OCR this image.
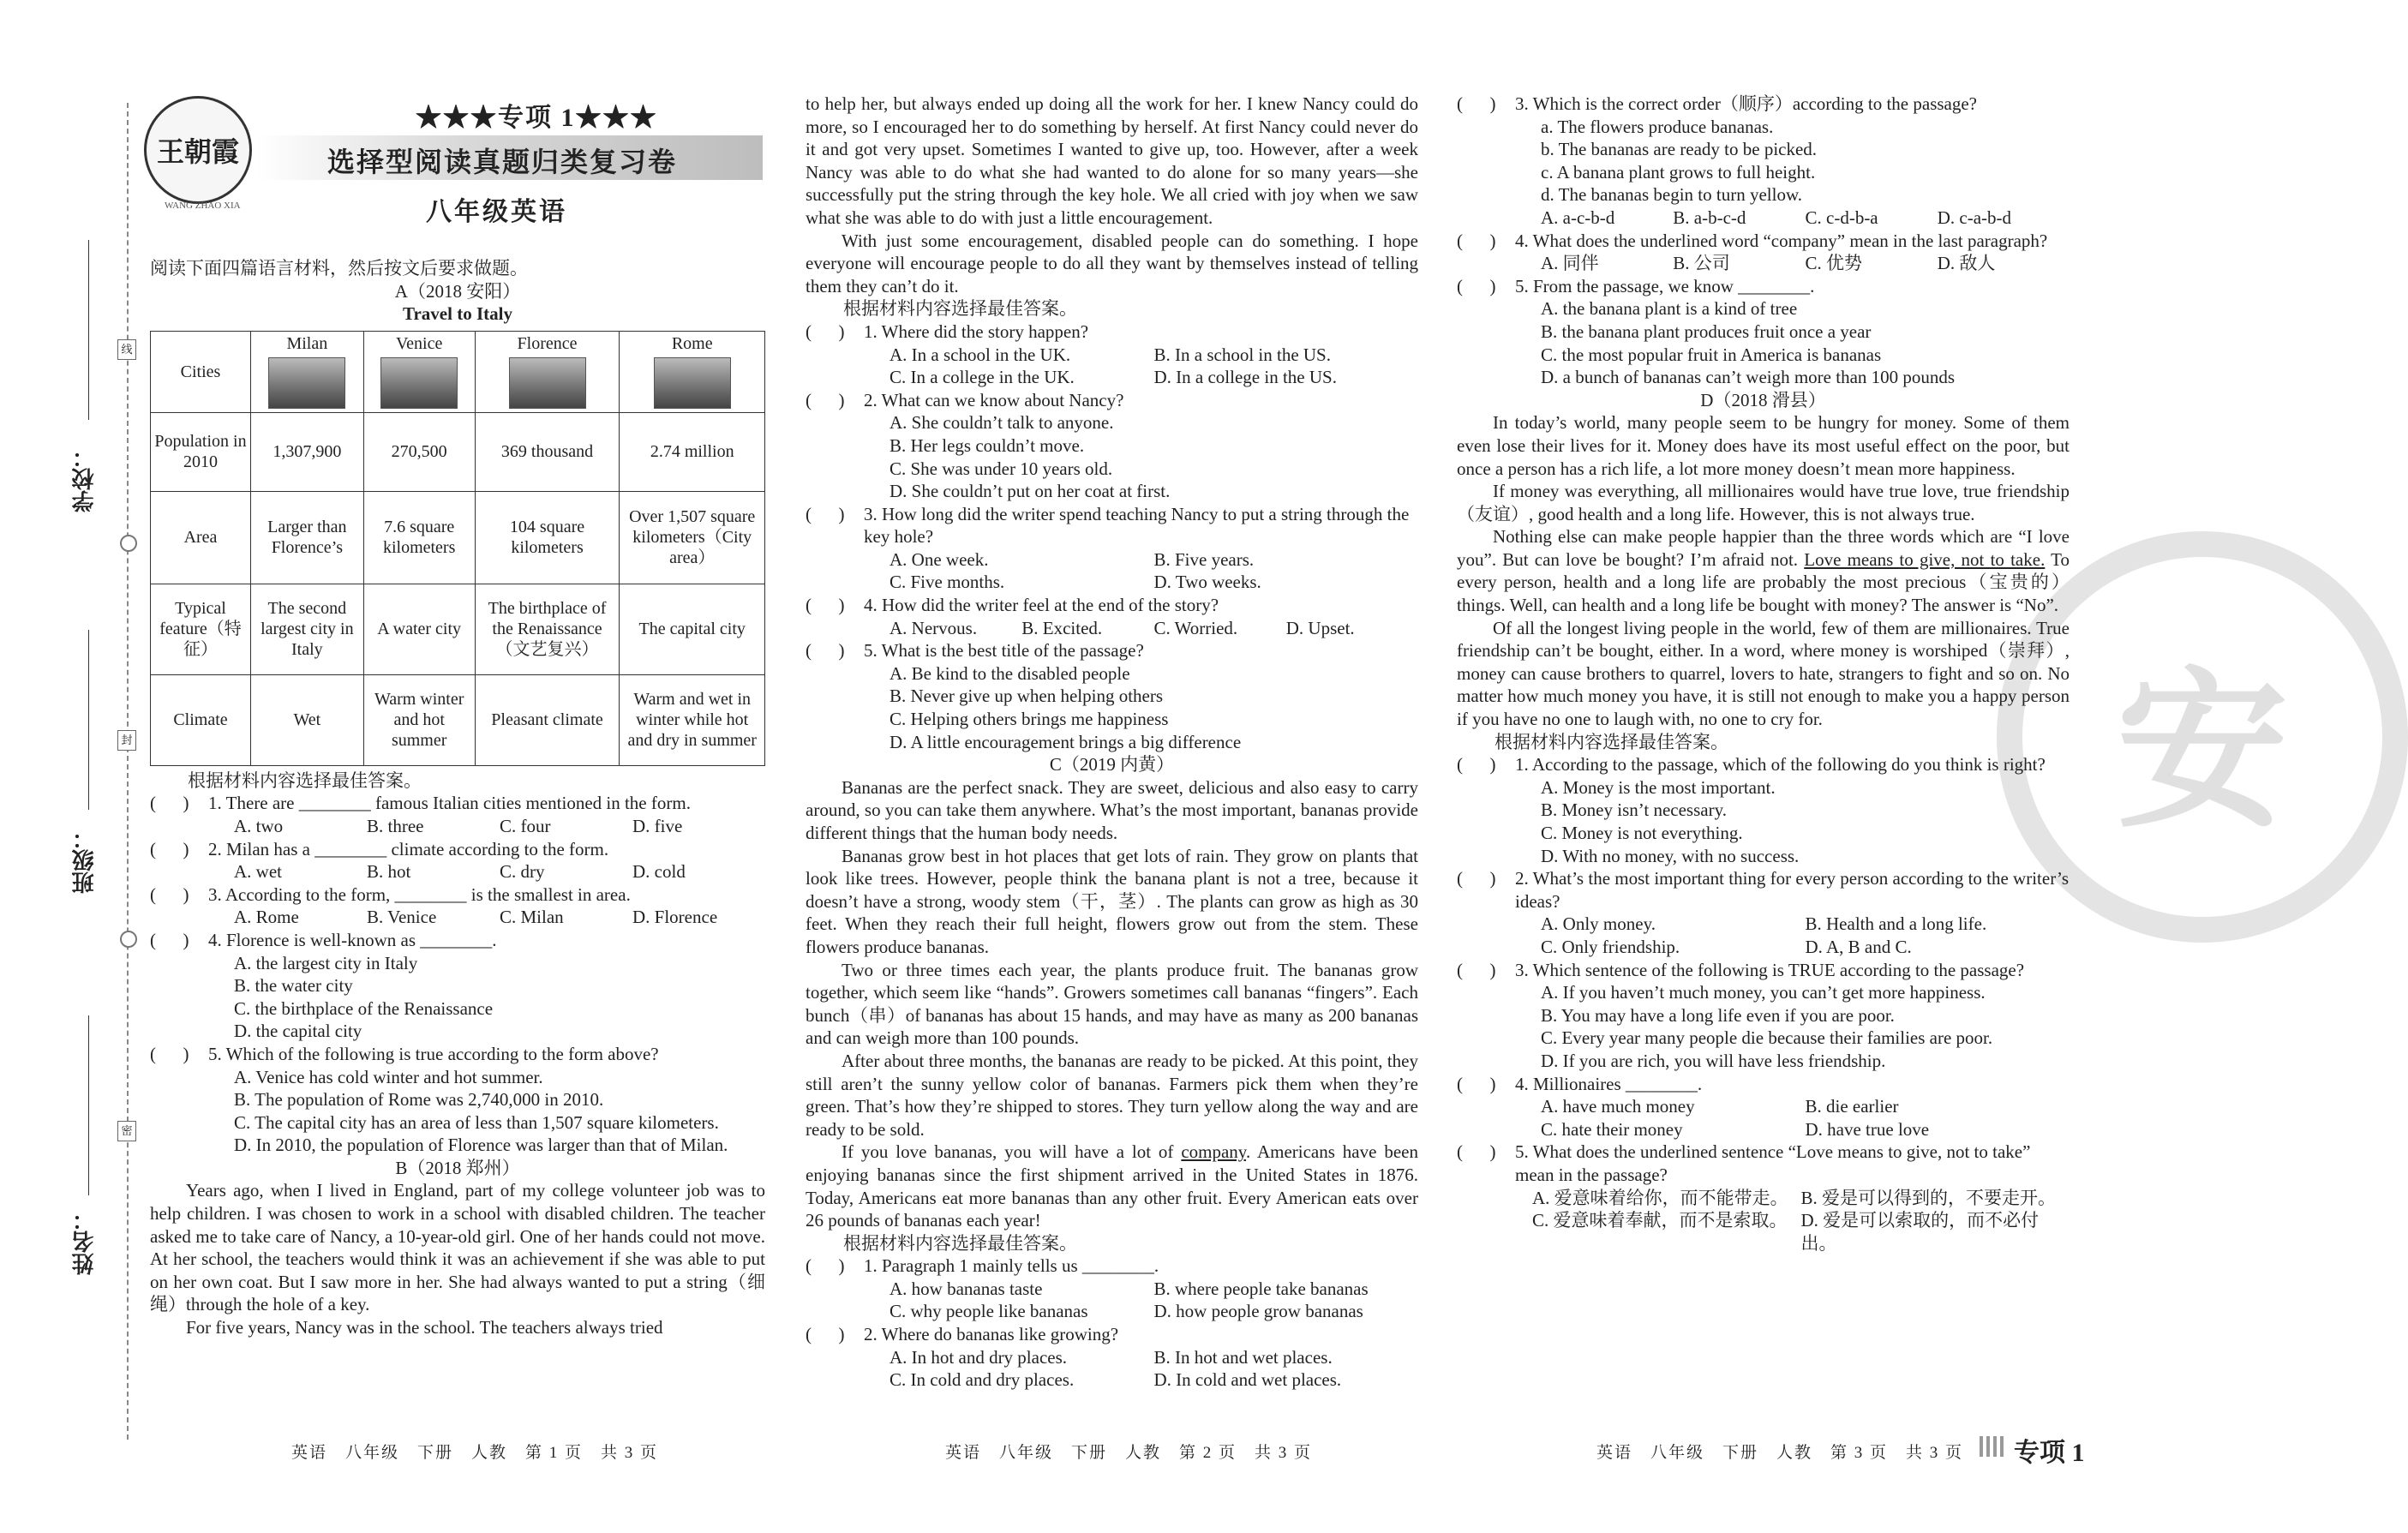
安
学校：
班级：
姓名：
线
封
密
王朝霞
WANG ZHAO XIA
★★★专项 1★★★
选择型阅读真题归类复习卷
八年级英语

阅读下面四篇语言材料，然后按文后要求做题。

A（2018 安阳）

Travel to Italy

Cities	Milan	Venice	Florence	Rome

Population in 2010	1,307,900	270,500	369 thousand	2.74 million
Area	Larger than Florence’s	7.6 square kilometers	104 square kilometers	Over 1,507 square kilometers（City area）
Typical feature（特征）	The second largest city in Italy	A water city	The birthplace of the Renaissance（文艺复兴）	The capital city
Climate	Wet	Warm winter and hot summer	Pleasant climate	Warm and wet in winter while hot and dry in summer

根据材料内容选择最佳答案。

(      )	1. There are ________ famous Italian cities mentioned in the form.
A. two	B. three	C. four	D. five
(      )	2. Milan has a ________ climate according to the form.
A. wet	B. hot	C. dry	D. cold
(      )	3. According to the form, ________ is the smallest in area.
A. Rome	B. Venice	C. Milan	D. Florence
(      )	4. Florence is well-known as ________.
A. the largest city in Italy
B. the water city
C. the birthplace of the Renaissance
D. the capital city
(      )	5. Which of the following is true according to the form above?
A. Venice has cold winter and hot summer.
B. The population of Rome was 2,740,000 in 2010.
C. The capital city has an area of less than 1,507 square kilometers.
D. In 2010, the population of Florence was larger than that of Milan.

B（2018 郑州）

Years ago, when I lived in England, part of my college volunteer job was to help children. I was chosen to work in a school with disabled children. The teacher asked me to take care of Nancy, a 10-year-old girl. One of her hands could not move. At her school, the teachers would think it was an achievement if she was able to put on her own coat. But I saw more in her. She had always wanted to put a string（细绳）through the hole of a key.

For five years, Nancy was in the school. The teachers always tried

to help her, but always ended up doing all the work for her. I knew Nancy could do more, so I encouraged her to do something by herself. At first Nancy could never do it and got very upset. Sometimes I wanted to give up, too. However, after a week Nancy was able to do what she had wanted to do alone for so many years—she successfully put the string through the key hole. We all cried with joy when we saw what she was able to do with just a little encouragement.

With just some encouragement, disabled people can do something. I hope everyone will encourage people to do all they want by themselves instead of telling them they can’t do it.

根据材料内容选择最佳答案。

(      )	1. Where did the story happen?
A. In a school in the UK.	B. In a school in the US.
C. In a college in the UK.	D. In a college in the US.
(      )	2. What can we know about Nancy?
A. She couldn’t talk to anyone.
B. Her legs couldn’t move.
C. She was under 10 years old.
D. She couldn’t put on her coat at first.
(      )	3. How long did the writer spend teaching Nancy to put a string through the key hole?
A. One week.	B. Five years.
C. Five months.	D. Two weeks.
(      )	4. How did the writer feel at the end of the story?
A. Nervous.	B. Excited.	C. Worried.	D. Upset.
(      )	5. What is the best title of the passage?
A. Be kind to the disabled people
B. Never give up when helping others
C. Helping others brings me happiness
D. A little encouragement brings a big difference

C（2019 内黄）

Bananas are the perfect snack. They are sweet, delicious and also easy to carry around, so you can take them anywhere. What’s the most important, bananas provide different things that the human body needs.

Bananas grow best in hot places that get lots of rain. They grow on plants that look like trees. However, people think the banana plant is not a tree, because it doesn’t have a strong, woody stem（干，茎）. The plants can grow as high as 30 feet. When they reach their full height, flowers grow out from the stem. These flowers produce bananas.

Two or three times each year, the plants produce fruit. The bananas grow together, which seem like “hands”. Growers sometimes call bananas “fingers”. Each bunch（串）of bananas has about 15 hands, and may have as many as 200 bananas and can weigh more than 100 pounds.

After about three months, the bananas are ready to be picked. At this point, they still aren’t the sunny yellow color of bananas. Farmers pick them when they’re green. That’s how they’re shipped to stores. They turn yellow along the way and are ready to be sold.

If you love bananas, you will have a lot of company. Americans have been enjoying bananas since the first shipment arrived in the United States in 1876. Today, Americans eat more bananas than any other fruit. Every American eats over 26 pounds of bananas each year!

根据材料内容选择最佳答案。

(      )	1. Paragraph 1 mainly tells us ________.
A. how bananas taste	B. where people take bananas
C. why people like bananas	D. how people grow bananas
(      )	2. Where do bananas like growing?
A. In hot and dry places.	B. In hot and wet places.
C. In cold and dry places.	D. In cold and wet places.
(      )	3. Which is the correct order（顺序）according to the passage?
a. The flowers produce bananas.
b. The bananas are ready to be picked.
c. A banana plant grows to full height.
d. The bananas begin to turn yellow.
A. a-c-b-d	B. a-b-c-d	C. c-d-b-a	D. c-a-b-d
(      )	4. What does the underlined word “company” mean in the last paragraph?
A. 同伴	B. 公司	C. 优势	D. 敌人
(      )	5. From the passage, we know ________.
A. the banana plant is a kind of tree
B. the banana plant produces fruit once a year
C. the most popular fruit in America is bananas
D. a bunch of bananas can’t weigh more than 100 pounds

D（2018 滑县）

In today’s world, many people seem to be hungry for money. Some of them even lose their lives for it. Money does have its most useful effect on the poor, but once a person has a rich life, a lot more money doesn’t mean more happiness.

If money was everything, all millionaires would have true love, true friendship（友谊）, good health and a long life. However, this is not always true.

Nothing else can make people happier than the three words which are “I love you”. But can love be bought? I’m afraid not. Love means to give, not to take. To every person, health and a long life are probably the most precious（宝贵的）things. Well, can health and a long life be bought with money? The answer is “No”.

Of all the longest living people in the world, few of them are millionaires. True friendship can’t be bought, either. In a word, where money is worshiped（崇拜）, money can cause brothers to quarrel, lovers to hate, strangers to fight and so on. No matter how much money you have, it is still not enough to make you a happy person if you have no one to laugh with, no one to cry for.

根据材料内容选择最佳答案。

(      )	1. According to the passage, which of the following do you think is right?
A. Money is the most important.
B. Money isn’t necessary.
C. Money is not everything.
D. With no money, with no success.
(      )	2. What’s the most important thing for every person according to the writer’s ideas?
A. Only money.	B. Health and a long life.
C. Only friendship.	D. A, B and C.
(      )	3. Which sentence of the following is TRUE according to the passage?
A. If you haven’t much money, you can’t get more happiness.
B. You may have a long life even if you are poor.
C. Every year many people die because their families are poor.
D. If you are rich, you will have less friendship.
(      )	4. Millionaires ________.
A. have much money	B. die earlier
C. hate their money	D. have true love
(      )	5. What does the underlined sentence “Love means to give, not to take” mean in the passage?
A. 爱意味着给你，而不能带走。 B. 爱是可以得到的，不要走开。
C. 爱意味着奉献，而不是索取。 D. 爱是可以索取的，而不必付出。
英语　八年级　下册　人教　第 1 页　共 3 页	英语　八年级　下册　人教　第 2 页　共 3 页	英语　八年级　下册　人教　第 3 页　共 3 页 专项 1
